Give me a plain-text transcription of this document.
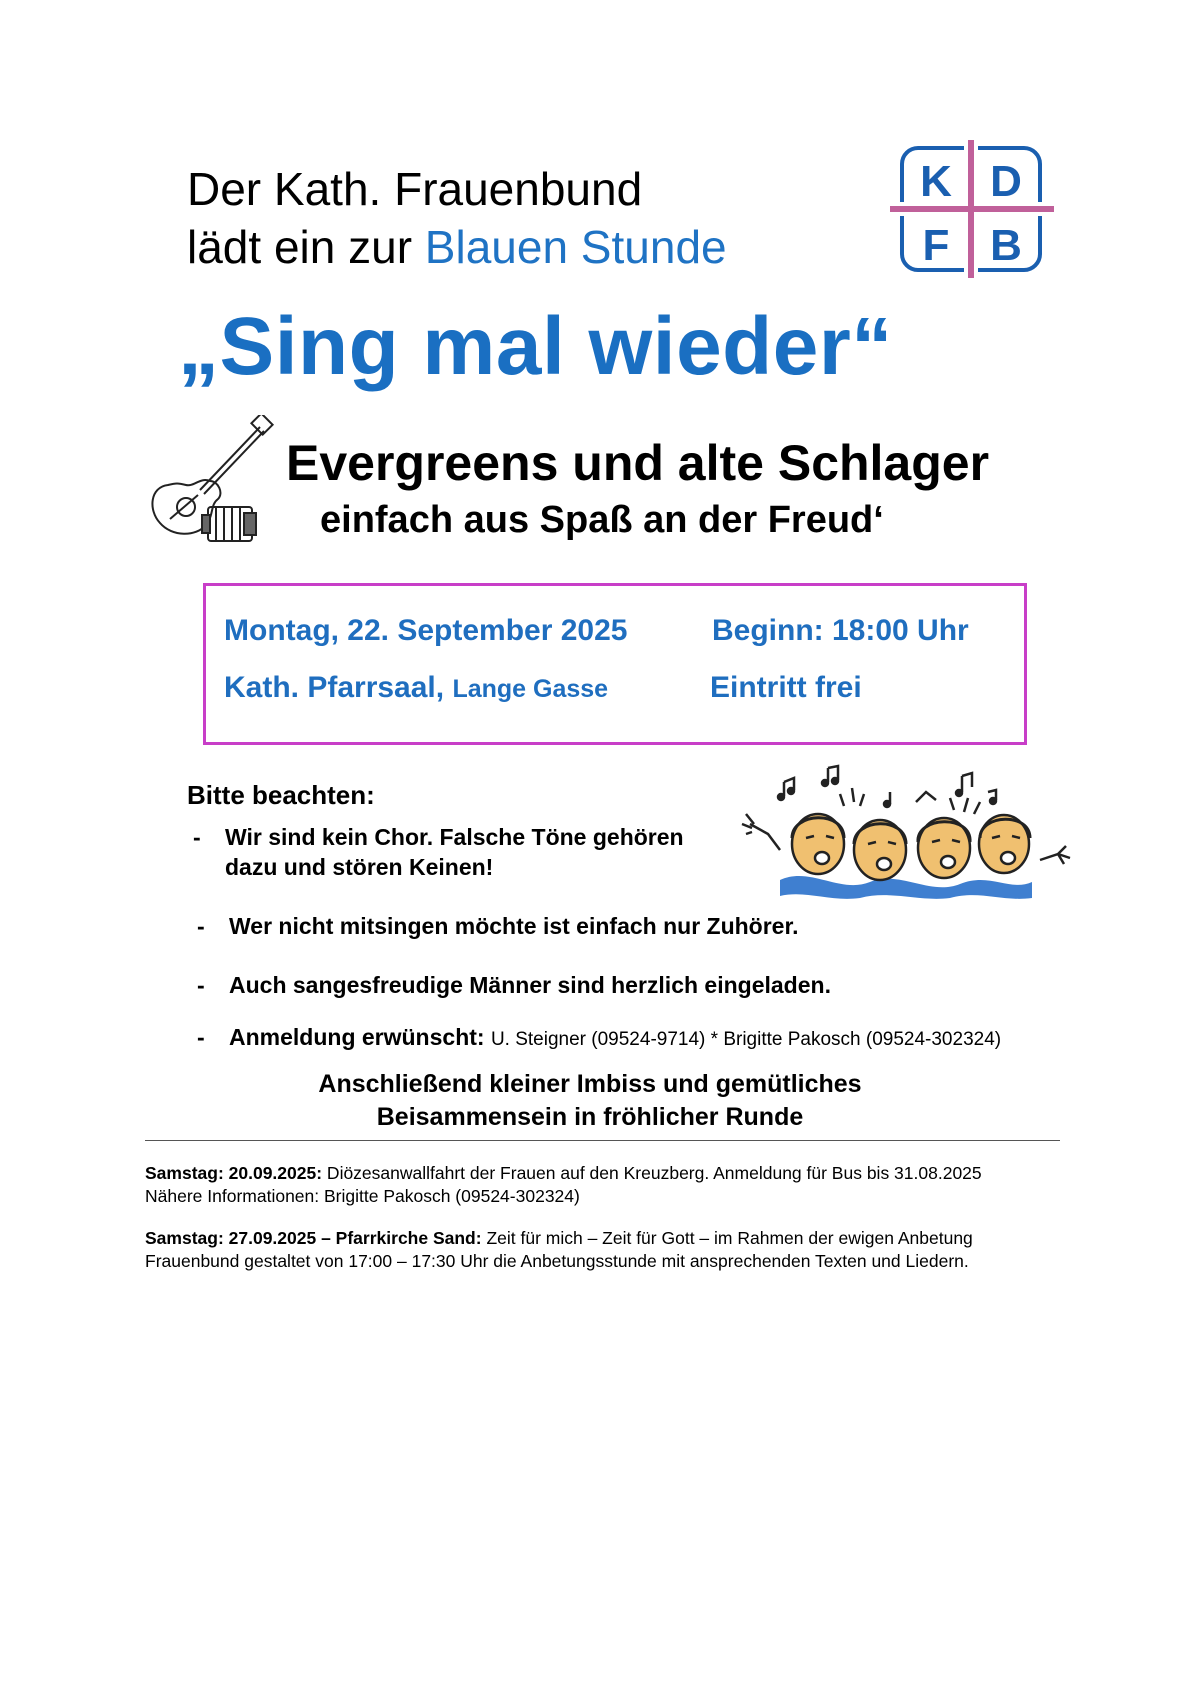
Der Kath. Frauenbund
lädt ein zur Blauen Stunde
K D
F B
„Sing mal wieder“
Evergreens und alte Schlager
einfach aus Spaß an der Freud‘
Montag, 22. September 2025	Beginn: 18:00 Uhr
Kath. Pfarrsaal, Lange Gasse	Eintritt frei
Bitte beachten:
- Wir sind kein Chor. Falsche Töne gehören
dazu und stören Keinen!
- Wer nicht mitsingen möchte ist einfach nur Zuhörer.
- Auch sangesfreudige Männer sind herzlich eingeladen.
- Anmeldung erwünscht: U. Steigner (09524-9714) * Brigitte Pakosch (09524-302324)
Anschließend kleiner Imbiss und gemütliches
Beisammensein in fröhlicher Runde
Samstag: 20.09.2025: Diözesanwallfahrt der Frauen auf den Kreuzberg. Anmeldung für Bus bis 31.08.2025
Nähere Informationen: Brigitte Pakosch (09524-302324)
Samstag: 27.09.2025 – Pfarrkirche Sand: Zeit für mich – Zeit für Gott – im Rahmen der ewigen Anbetung
Frauenbund gestaltet von 17:00 – 17:30 Uhr die Anbetungsstunde mit ansprechenden Texten und Liedern.
